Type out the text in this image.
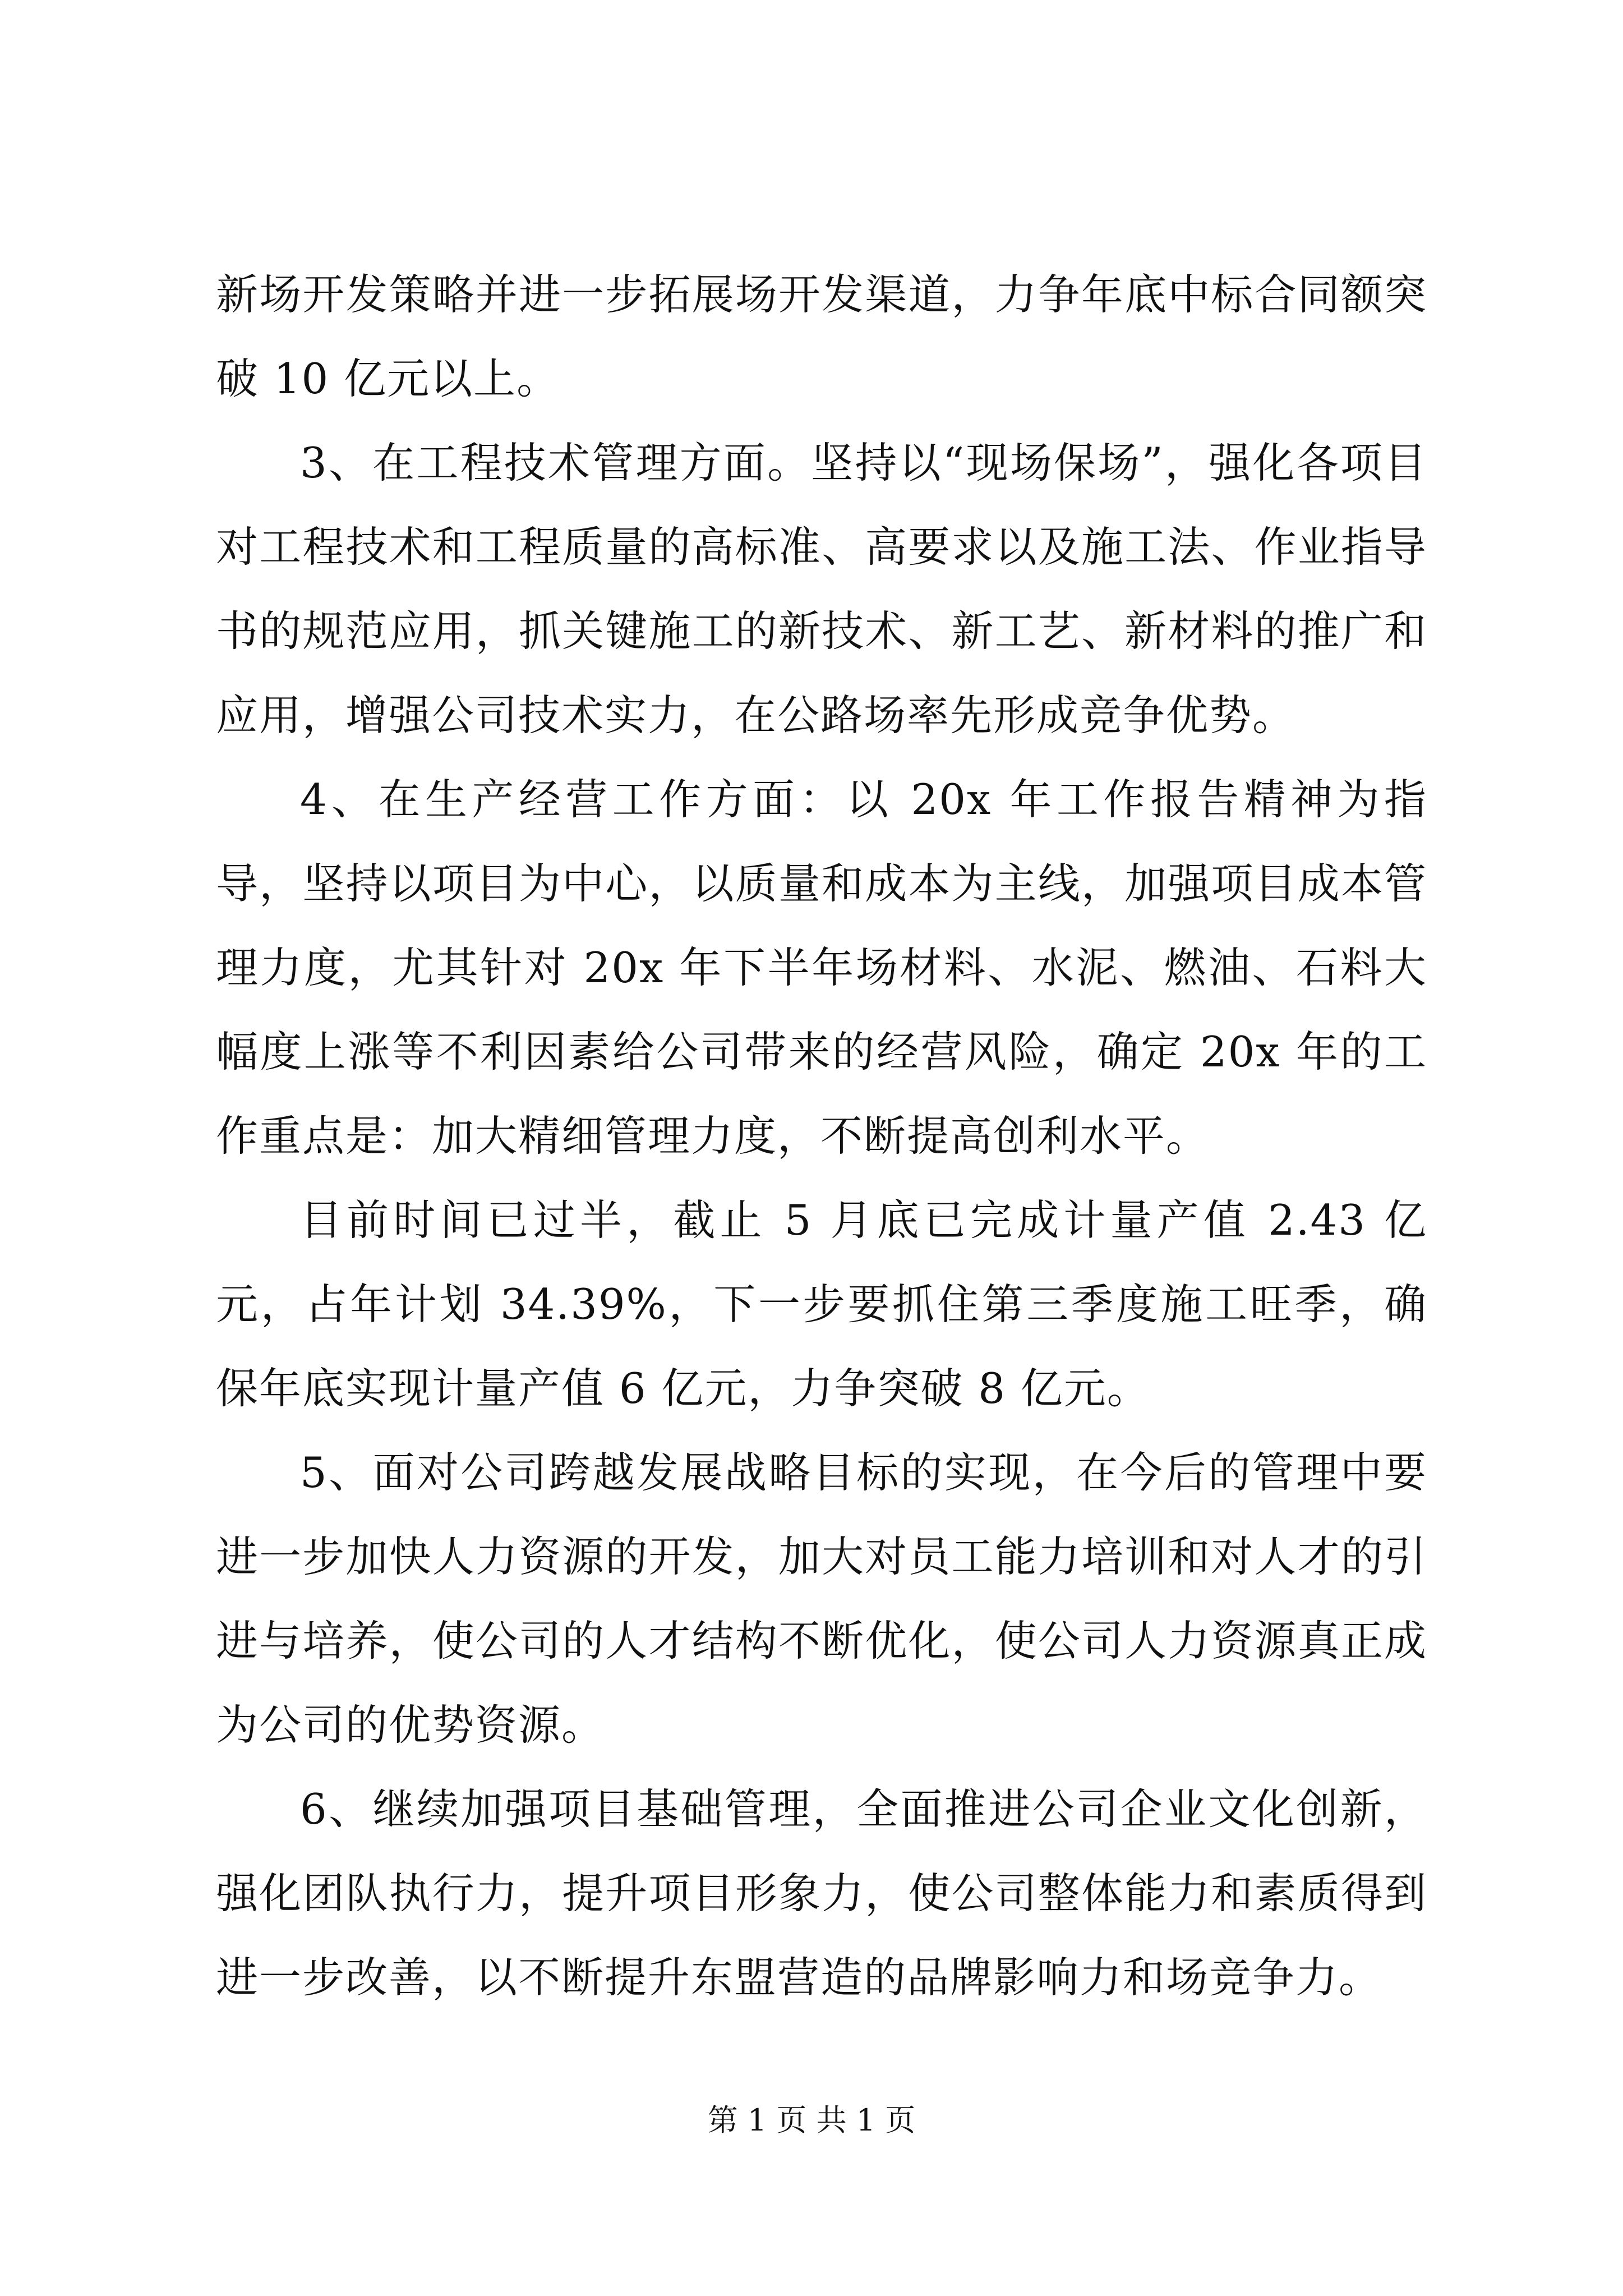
新场开发策略并进一步拓展场开发渠道，力争年底中标合同额突破 10 亿元以上。

3、在工程技术管理方面。坚持以“现场保场”，强化各项目对工程技术和工程质量的高标准、高要求以及施工法、作业指导书的规范应用，抓关键施工的新技术、新工艺、新材料的推广和应用，增强公司技术实力，在公路场率先形成竞争优势。

4、在生产经营工作方面：以 20x 年工作报告精神为指导，坚持以项目为中心，以质量和成本为主线，加强项目成本管理力度，尤其针对 20x 年下半年场材料、水泥、燃油、石料大幅度上涨等不利因素给公司带来的经营风险，确定 20x 年的工作重点是：加大精细管理力度，不断提高创利水平。

目前时间已过半，截止 5 月底已完成计量产值 2.43 亿元，占年计划 34.39%，下一步要抓住第三季度施工旺季，确保年底实现计量产值 6 亿元，力争突破 8 亿元。

5、面对公司跨越发展战略目标的实现，在今后的管理中要进一步加快人力资源的开发，加大对员工能力培训和对人才的引进与培养，使公司的人才结构不断优化，使公司人力资源真正成为公司的优势资源。

6、继续加强项目基础管理，全面推进公司企业文化创新，强化团队执行力，提升项目形象力，使公司整体能力和素质得到进一步改善，以不断提升东盟营造的品牌影响力和场竞争力。

第 1 页 共 1 页
